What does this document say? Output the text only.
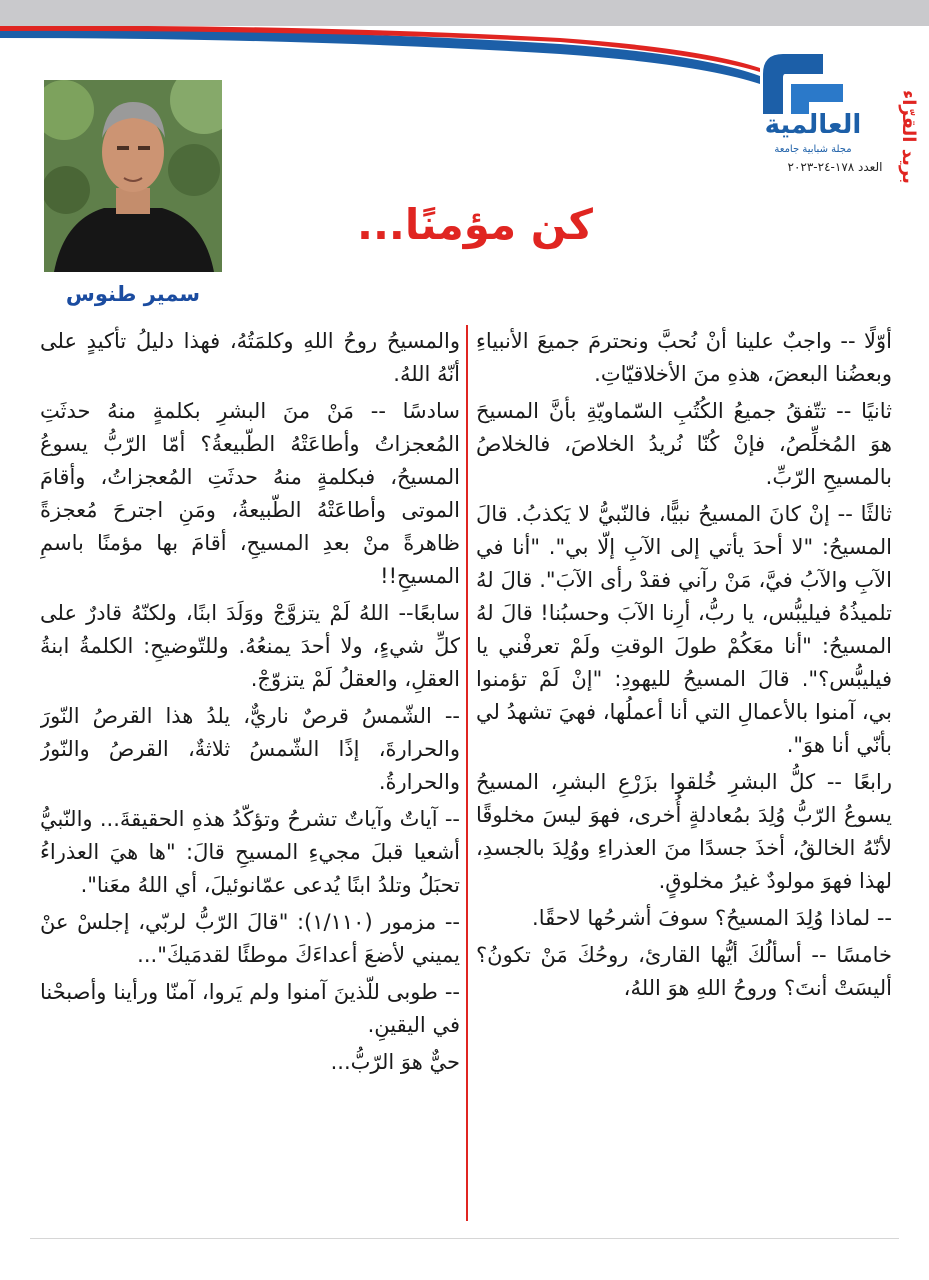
سمير طنوس
كن مؤمنًا...
العالمية
مجلة شبابية جامعة
العدد ١٧٨-٢٤-٢٠٢٣ بريد القرّاء

أوّلًا -- واجبٌ علينا أنْ نُحبَّ ونحترمَ جميعَ الأنبياءِ وبعضُنا البعضَ، هذهِ منَ الأخلاقيّاتِ.

ثانيًا -- تتّفقُ جميعُ الكُتُبِ السّماويّةِ بأنَّ المسيحَ هوَ المُخلِّصُ، فإنْ كُنّا نُريدُ الخلاصَ، فالخلاصُ بالمسيحِ الرّبِّ.

ثالثًا -- إنْ كانَ المسيحُ نبيًّا، فالنّبيُّ لا يَكذبُ. قالَ المسيحُ: "لا أحدَ يأتي إلى الآبِ إلّا بي". "أنا في الآبِ والآبُ فيَّ، مَنْ رآني فقدْ رأى الآبَ". قالَ لهُ تلميذُهُ فيليبُّس، يا ربُّ، أرِنا الآبَ وحسبُنا! قالَ لهُ المسيحُ: "أنا معَكُمْ طولَ الوقتِ ولَمْ تعرفْني يا فيليبُّس؟". قالَ المسيحُ لليهودِ: "إنْ لَمْ تؤمنوا بي، آمنوا بالأعمالِ التي أنا أعملُها، فهيَ تشهدُ لي بأنّي أنا هوَ".

رابعًا -- كلُّ البشرِ خُلقوا بزَرْعِ البشرِ، المسيحُ يسوعُ الرّبُّ وُلِدَ بمُعادلةٍ أُخرى، فهوَ ليسَ مخلوقًا لأنّهُ الخالقُ، أخذَ جسدًا منَ العذراءِ ووُلِدَ بالجسدِ، لهذا فهوَ مولودٌ غيرُ مخلوقٍ.

-- لماذا وُلِدَ المسيحُ؟ سوفَ أشرحُها لاحقًا.

خامسًا -- أسألُكَ أيُّها القارئ، روحُكَ مَنْ تكونُ؟ أليسَتْ أنتَ؟ وروحُ اللهِ هوَ اللهُ،

والمسيحُ روحُ اللهِ وكلمَتُهُ، فهذا دليلُ تأكيدٍ على أنّهُ اللهُ.

سادسًا -- مَنْ منَ البشرِ بكلمةٍ منهُ حدثَتِ المُعجزاتُ وأطاعَتْهُ الطّبيعةُ؟ أمّا الرّبُّ يسوعُ المسيحُ، فبكلمةٍ منهُ حدثَتِ المُعجزاتُ، وأقامَ الموتى وأطاعَتْهُ الطّبيعةُ، ومَنِ اجترحَ مُعجزةً ظاهرةً منْ بعدِ المسيحِ، أقامَ بها مؤمنًا باسمِ المسيحِ!!

سابعًا-- اللهُ لَمْ يتزوَّجْ ووَلَدَ ابنًا، ولكنّهُ قادرٌ على كلِّ شيءٍ، ولا أحدَ يمنعُهُ. وللتّوضيحِ: الكلمةُ ابنةُ العقلِ، والعقلُ لَمْ يتزوّجْ.

-- الشّمسُ قرصٌ ناريٌّ، يلدُ هذا القرصُ النّورَ والحرارةَ، إذًا الشّمسُ ثلاثةٌ، القرصُ والنّورُ والحرارةُ.

-- آياتٌ وآياتٌ تشرحُ وتؤكّدُ هذهِ الحقيقةَ... والنّبيُّ أشعيا قبلَ مجيءِ المسيحِ قالَ: "ها هيَ العذراءُ تحبَلُ وتلدُ ابنًا يُدعى عمّانوئيلَ، أي اللهُ معَنا".

-- مزمور (١/١١٠): "قالَ الرّبُّ لربّي، إجلسْ عنْ يميني لأضعَ أعداءَكَ موطئًا لقدمَيكَ"...

-- طوبى للّذينَ آمنوا ولم يَروا، آمنّا ورأينا وأصبحْنا في اليقينِ.

حيٌّ هوَ الرّبُّ...
